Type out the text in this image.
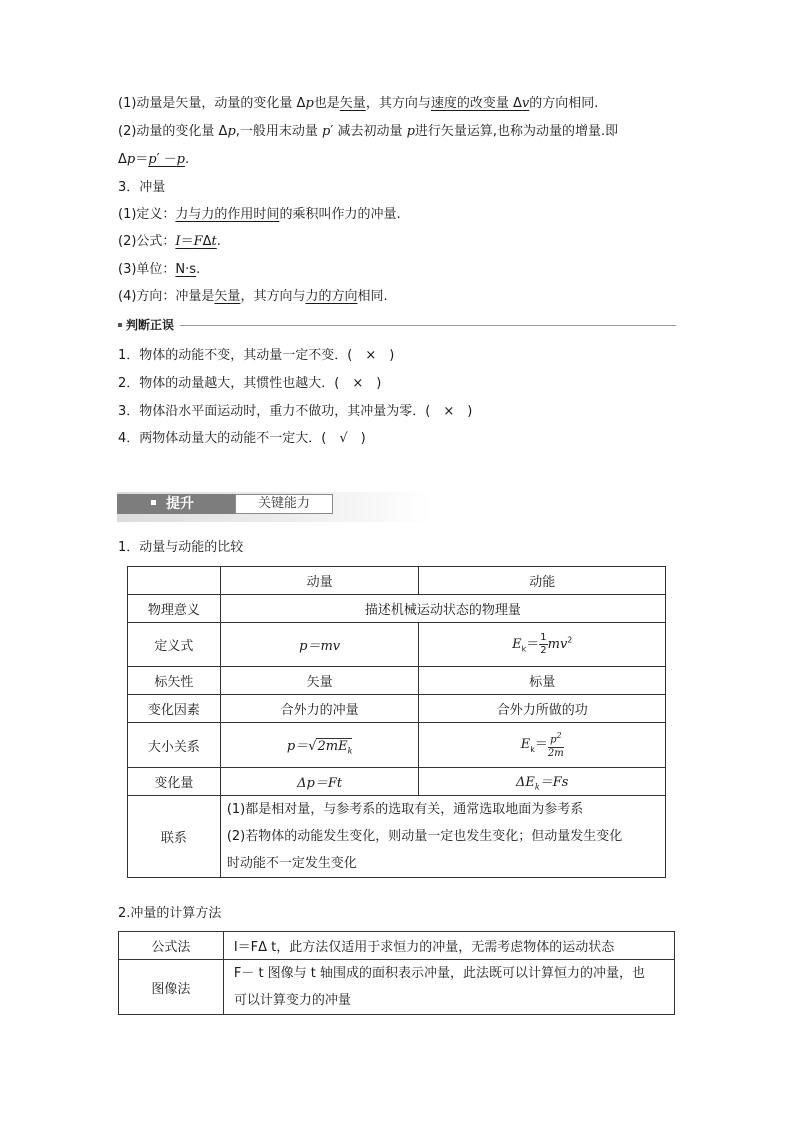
(1)动量是矢量，动量的变化量 Δp也是矢量，其方向与速度的改变量 Δv的方向相同.
(2)动量的变化量 Δp,一般用末动量 p′ 减去初动量 p进行矢量运算,也称为动量的增量.即
Δp＝p′ －p.
3．冲量
(1)定义：力与力的作用时间的乘积叫作力的冲量.
(2)公式：I＝FΔt.
(3)单位：N·s.
(4)方向：冲量是矢量，其方向与力的方向相同.
判断正误
1．物体的动能不变，其动量一定不变．(　×　)
2．物体的动量越大，其惯性也越大．(　×　)
3．物体沿水平面运动时，重力不做功，其冲量为零．(　×　)
4．两物体动量大的动能不一定大．(　√　)
提升	关键能力
1．动量与动能的比较
	动量	动能
物理意义	描述机械运动状态的物理量	
定义式	p＝mv	$E_k= \frac{1}{2} mv^2$
标矢性	矢量	标量
变化因素	合外力的冲量	合外力所做的功
大小关系	$p=√2mE_k$	$E_k= \frac{p^2}{2m}$

变化量	Δp＝Ft	$\Delta E_k=Fs$
联系	(1)都是相对量，与参考系的选取有关，通常选取地面为参考系
(2)若物体的动能发生变化，则动量一定也发生变化；但动量发生变化
时动能不一定发生变化	
2.冲量的计算方法
公式法	I＝FΔ t，此方法仅适用于求恒力的冲量，无需考虑物体的运动状态
图像法	F－ t 图像与 t 轴围成的面积表示冲量，此法既可以计算恒力的冲量，也
可以计算变力的冲量
